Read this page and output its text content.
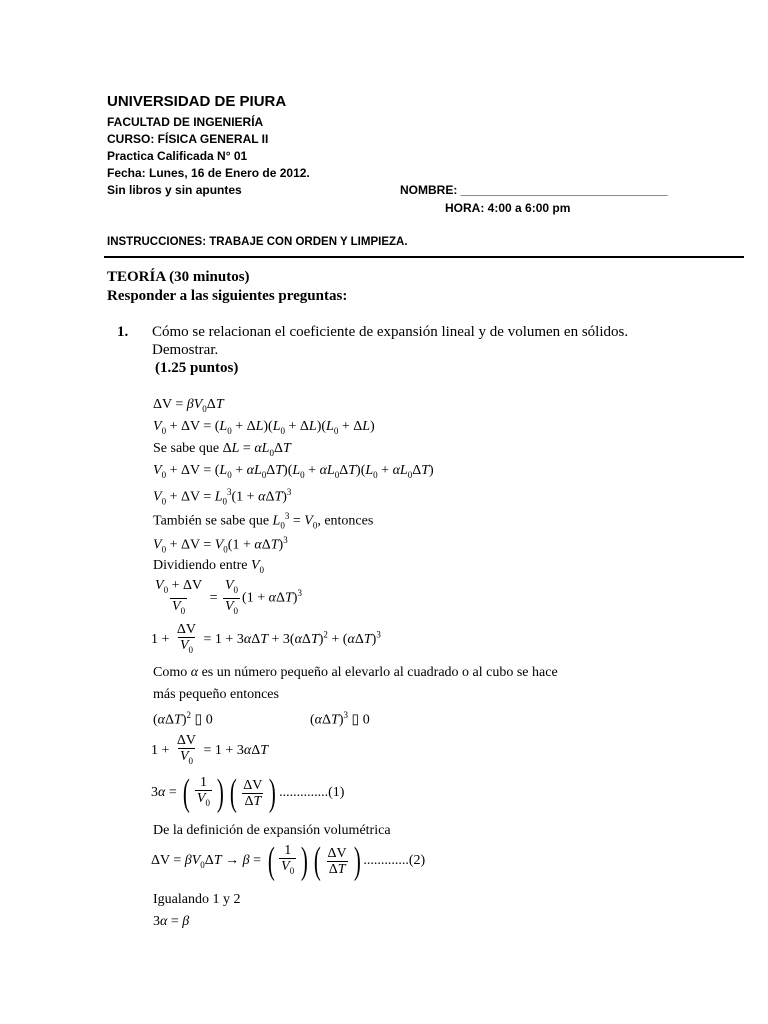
UNIVERSIDAD DE PIURA
FACULTAD DE INGENIERÍA
CURSO: FÍSICA GENERAL II
Practica Calificada N° 01
Fecha: Lunes, 16 de Enero de 2012.
Sin libros y sin apuntes	NOMBRE: _______________________________
HORA: 4:00 a 6:00 pm
INSTRUCCIONES: TRABAJE CON ORDEN Y LIMPIEZA.
TEORÍA (30 minutos)
Responder a las siguientes preguntas:
1. Cómo se relacionan el coeficiente de expansión lineal y de volumen en sólidos.
Demostrar.
(1.25 puntos)
$\Delta V = \beta V_0\Delta T$
$V_0 + \Delta V = (L_0 + \Delta L)(L_0 + \Delta L)(L_0 + \Delta L)$
Se sabe que $\Delta L = \alpha L_0\Delta T$
$V_0 + \Delta V = (L_0 + \alpha L_0\Delta T)(L_0 + \alpha L_0\Delta T)(L_0 + \alpha L_0\Delta T)$
$V_0 + \Delta V = L_0^3(1 + \alpha\Delta T)^3$
También se sabe que $L_0^3 = V_0$, entonces
$V_0 + \Delta V = V_0(1 + \alpha\Delta T)^3$
Dividiendo entre $V_0$
$\frac{V_0 + \Delta V}{V_0} = \frac{V_0}{V_0} (1 + \alpha\Delta T)^3$
$1 + \frac{\Delta V}{V_0} = 1 + 3\alpha\Delta T + 3(\alpha\Delta T)^2 + (\alpha\Delta T)^3$
Como α es un número pequeño al elevarlo al cuadrado o al cubo se hace
más pequeño entonces
$(\alpha\Delta T)^2$ ▯ 0	$(\alpha\Delta T)^3$ ▯ 0
$1 + \frac{\Delta V}{V_0} = 1 + 3\alpha\Delta T$
3α = ( $\frac{1}{V_0}$ ) ( $\frac{\Delta V}{\Delta T}$ ) ..............(1)
De la definición de expansión volumétrica
$\Delta V = \beta V_0\Delta T \to \beta$ = ( $\frac{1}{V_0}$ ) ( $\frac{\Delta V}{\Delta T}$ ) .............(2)
Igualando 1 y 2
3α = β
